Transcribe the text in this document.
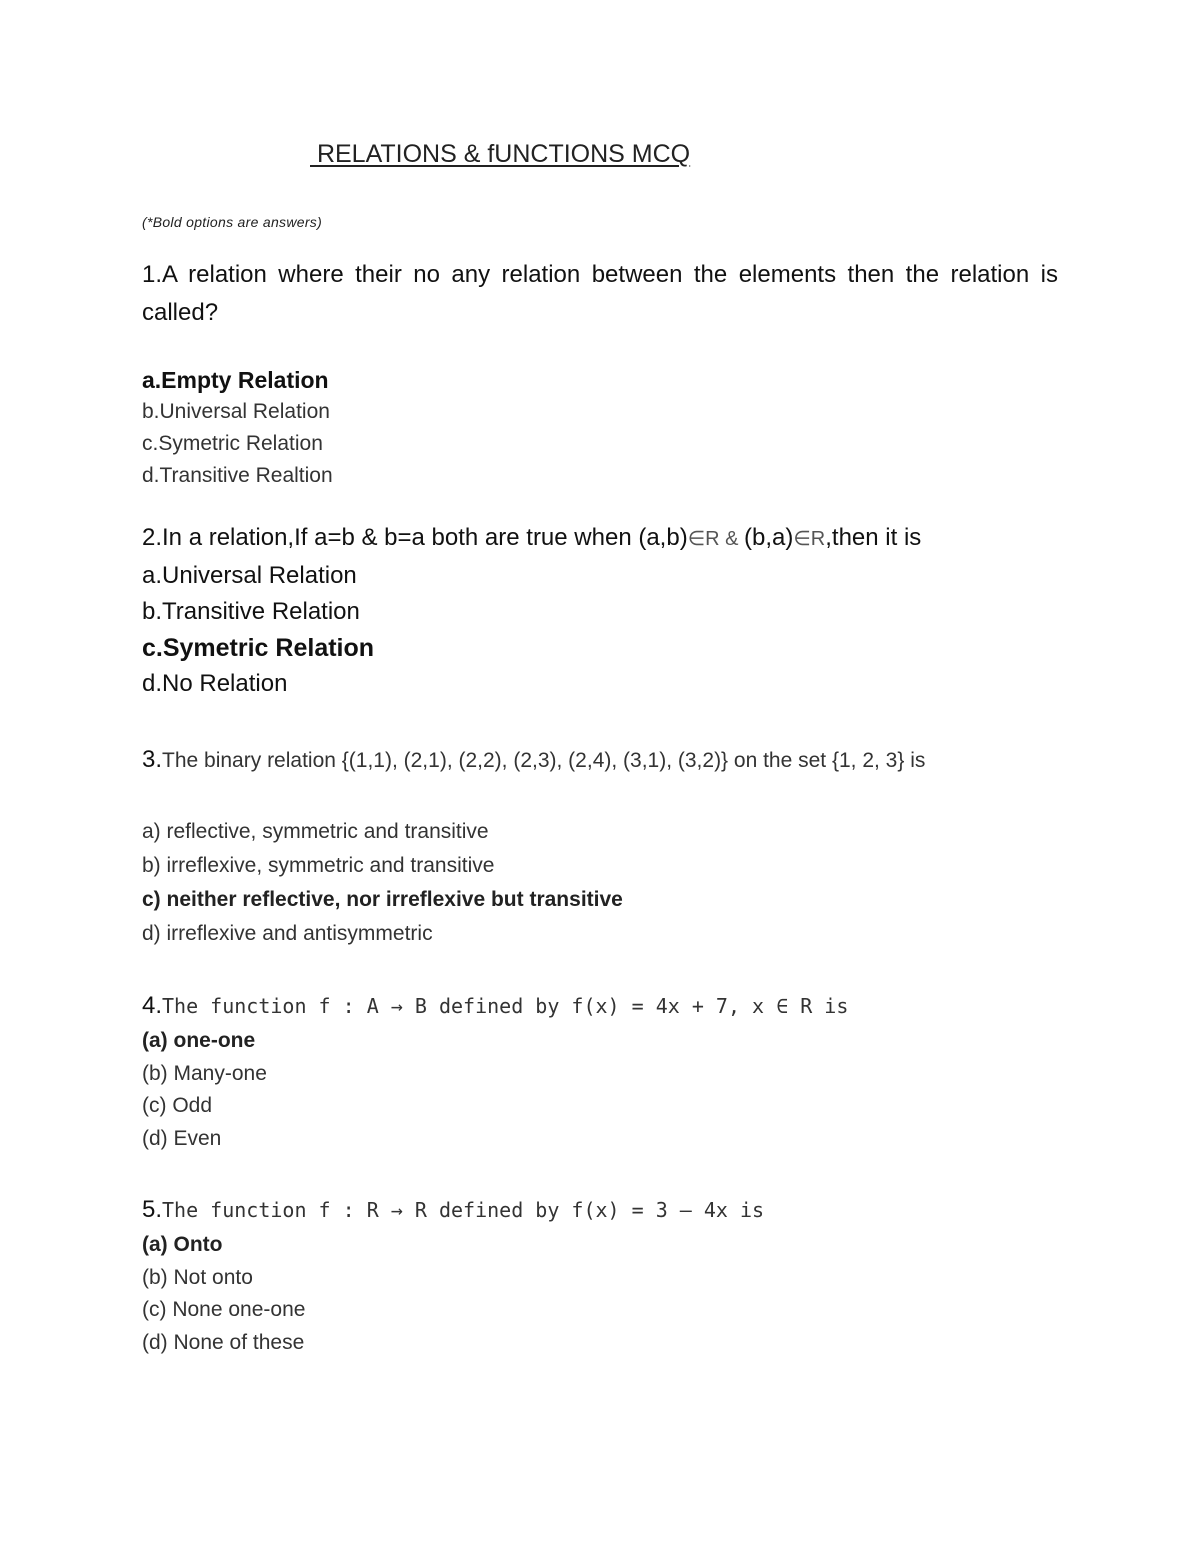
RELATIONS & fUNCTIONS MCQ
(*Bold options are answers)
1.A relation where their no any relation between the elements then the relation is called?
a.Empty Relation
b.Universal Relation
c.Symetric Relation
d.Transitive Realtion
2.In a relation,If a=b & b=a both are true when (a,b)∈R & (b,a)∈R,then it is
a.Universal Relation
b.Transitive Relation
c.Symetric Relation
d.No Relation
3.The binary relation {(1,1), (2,1), (2,2), (2,3), (2,4), (3,1), (3,2)} on the set {1, 2, 3} is
a) reflective, symmetric and transitive
b) irreflexive, symmetric and transitive
c) neither reflective, nor irreflexive but transitive
d) irreflexive and antisymmetric
4.The function f : A → B defined by f(x) = 4x + 7, x ∈ R is
(a) one-one
(b) Many-one
(c) Odd
(d) Even
5.The function f : R → R defined by f(x) = 3 – 4x is
(a) Onto
(b) Not onto
(c) None one-one
(d) None of these
